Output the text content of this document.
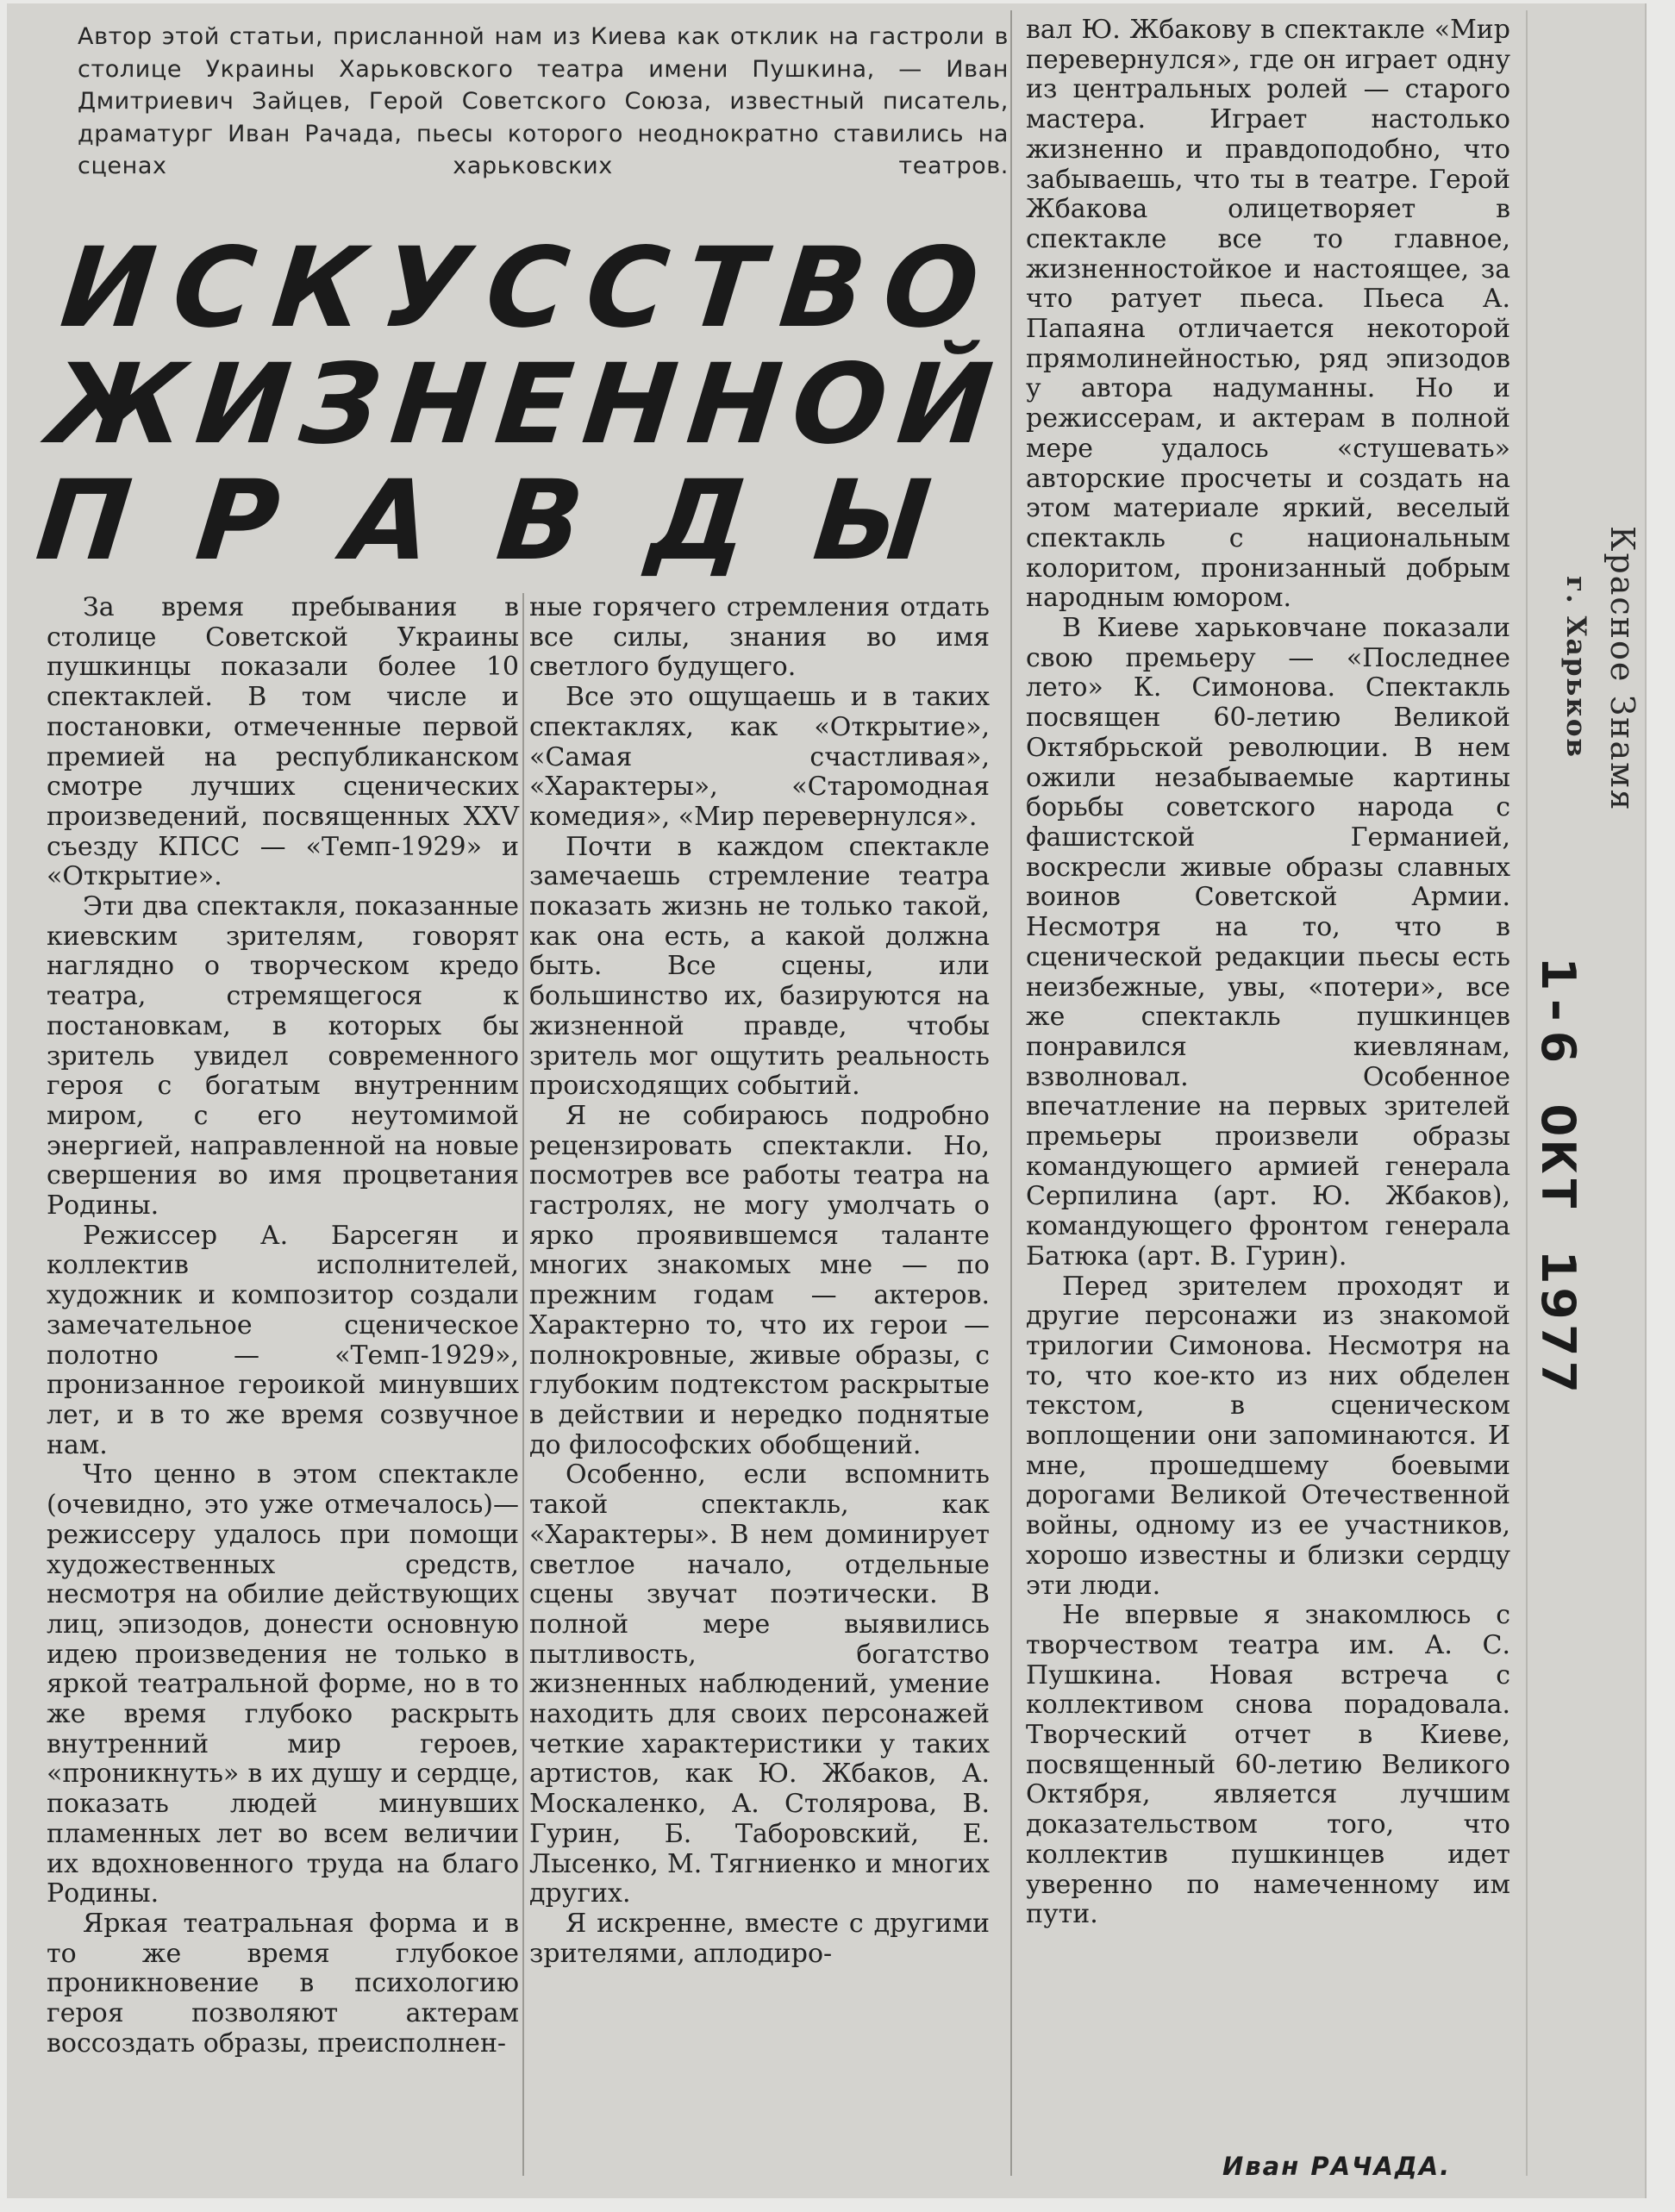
Автор этой статьи, присланной нам из Киева как отклик на гастроли в столице Украины Харьковского театра имени Пушкина, — Иван Дмитриевич Зайцев, Герой Советского Союза, известный писатель, драматург Иван Рачада, пьесы которого неоднократно ставились на сценах харьковских театров.
ИСКУССТВО
ЖИЗНЕННОЙ
ПРАВДЫ

За время пребывания в столице Советской Украины пушкинцы показали более 10 спектаклей. В том числе и постановки, отмеченные первой премией на республиканском смотре лучших сценических произведений, посвященных XXV съезду КПСС — «Темп-1929» и «Открытие».

Эти два спектакля, показанные киевским зрителям, говорят наглядно о творческом кредо театра, стремящегося к постановкам, в которых бы зритель увидел современного героя с богатым внутренним миром, с его неутомимой энергией, направленной на новые свершения во имя процветания Родины.

Режиссер А. Барсегян и коллектив исполнителей, художник и композитор создали замечательное сценическое полотно — «Темп-1929», пронизанное героикой минувших лет, и в то же время созвучное нам.

Что ценно в этом спектакле (очевидно, это уже отмечалось)— режиссеру удалось при помощи художественных средств, несмотря на обилие действующих лиц, эпизодов, донести основную идею произведения не только в яркой театральной форме, но в то же время глубоко раскрыть внутренний мир героев, «проникнуть» в их душу и сердце, показать людей минувших пламенных лет во всем величии их вдохновенного труда на благо Родины.

Яркая театральная форма и в то же время глубокое проникновение в психологию героя позволяют актерам воссоздать образы, преисполнен-

ные горячего стремления отдать все силы, знания во имя светлого будущего.

Все это ощущаешь и в таких спектаклях, как «Открытие», «Самая счастливая», «Характеры», «Старомодная комедия», «Мир перевернулся».

Почти в каждом спектакле замечаешь стремление театра показать жизнь не только такой, как она есть, а какой должна быть. Все сцены, или большинство их, базируются на жизненной правде, чтобы зритель мог ощутить реальность происходящих событий.

Я не собираюсь подробно рецензировать спектакли. Но, посмотрев все работы театра на гастролях, не могу умолчать о ярко проявившемся таланте многих знакомых мне — по прежним годам — актеров. Характерно то, что их герои — полнокровные, живые образы, с глубоким подтекстом раскрытые в действии и нередко поднятые до философских обобщений.

Особенно, если вспомнить такой спектакль, как «Характеры». В нем доминирует светлое начало, отдельные сцены звучат поэтически. В полной мере выявились пытливость, богатство жизненных наблюдений, умение находить для своих персонажей четкие характеристики у таких артистов, как Ю. Жбаков, А. Москаленко, А. Столярова, В. Гурин, Б. Таборовский, Е. Лысенко, М. Тягниенко и многих других.

Я искренне, вместе с другими зрителями, аплодиро-

вал Ю. Жбакову в спектакле «Мир перевернулся», где он играет одну из центральных ролей — старого мастера. Играет настолько жизненно и правдоподобно, что забываешь, что ты в театре. Герой Жбакова олицетворяет в спектакле все то главное, жизненностойкое и настоящее, за что ратует пьеса. Пьеса А. Папаяна отличается некоторой прямолинейностью, ряд эпизодов у автора надуманны. Но и режиссерам, и актерам в полной мере удалось «стушевать» авторские просчеты и создать на этом материале яркий, веселый спектакль с национальным колоритом, пронизанный добрым народным юмором.

В Киеве харьковчане показали свою премьеру — «Последнее лето» К. Симонова. Спектакль посвящен 60-летию Великой Октябрьской революции. В нем ожили незабываемые картины борьбы советского народа с фашистской Германией, воскресли живые образы славных воинов Советской Армии. Несмотря на то, что в сценической редакции пьесы есть неизбежные, увы, «потери», все же спектакль пушкинцев понравился киевлянам, взволновал. Особенное впечатление на первых зрителей премьеры произвели образы командующего армией генерала Серпилина (арт. Ю. Жбаков), командующего фронтом генерала Батюка (арт. В. Гурин).

Перед зрителем проходят и другие персонажи из знакомой трилогии Симонова. Несмотря на то, что кое-кто из них обделен текстом, в сценическом воплощении они запоминаются. И мне, прошедшему боевыми дорогами Великой Отечественной войны, одному из ее участников, хорошо известны и близки сердцу эти люди.

Не впервые я знакомлюсь с творчеством театра им. А. С. Пушкина. Новая встреча с коллективом снова порадовала. Творческий отчет в Киеве, посвященный 60-летию Великого Октября, является лучшим доказательством того, что коллектив пушкинцев идет уверенно по намеченному им пути.

Иван РАЧАДА.
Красное Знамя
г. Харьков
1-6 ОКТ 1977
